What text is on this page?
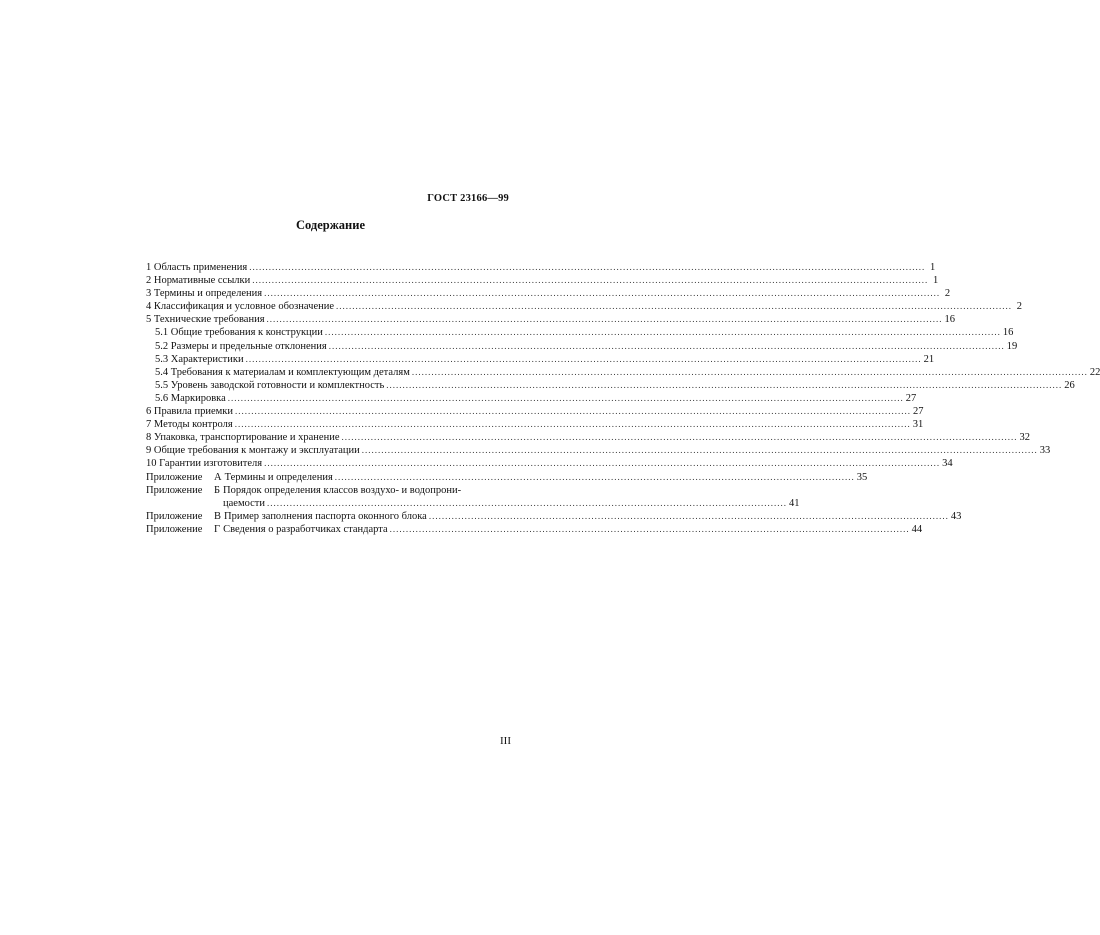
ГОСТ 23166—99
Содержание
1 Область применения .....	1
2 Нормативные ссылки .....	1
3 Термины и определения .....	2
4 Классификация и условное обозначение .....	2
5 Технические требования .....	16
5.1 Общие требования к конструкции .....	16
5.2 Размеры и предельные отклонения .....	19
5.3 Характеристики .....	21
5.4 Требования к материалам и комплектующим деталям .....	22
5.5 Уровень заводской готовности и комплектность .....	26
5.6 Маркировка .....	27
6 Правила приемки .....	27
7 Методы контроля .....	31
8 Упаковка, транспортирование и хранение .....	32
9 Общие требования к монтажу и эксплуатации .....	33
10 Гарантии изготовителя .....	34
Приложение	А Термины и определения .....	35
Приложение	Б Порядок определения классов воздухо- и водопрони-
цаемости .....	41
Приложение	В Пример заполнения паспорта оконного блока .....	43
Приложение	Г Сведения о разработчиках стандарта .....	44
III
